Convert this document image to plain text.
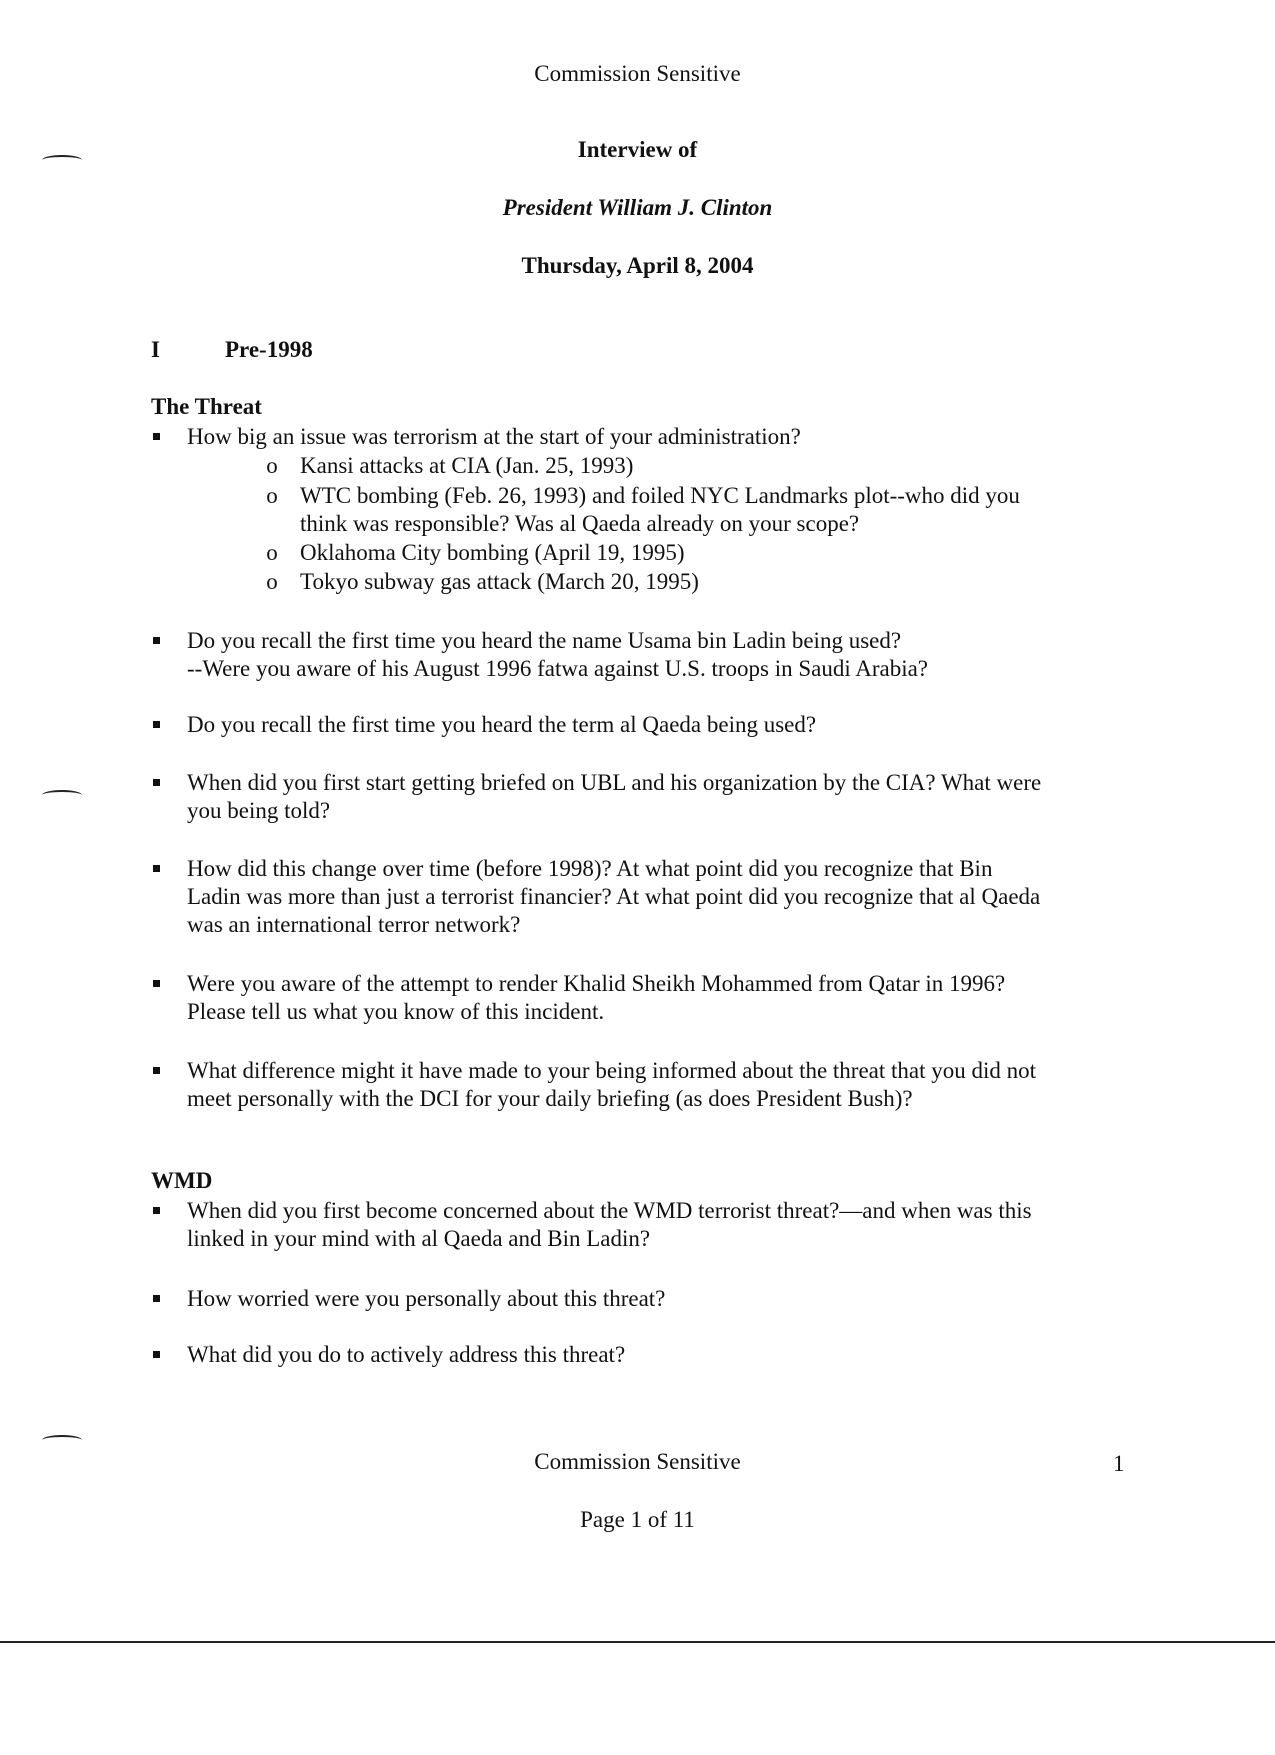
Commission Sensitive
Interview of
President William J. Clinton
Thursday, April 8, 2004
I	Pre-1998
The Threat
How big an issue was terrorism at the start of your administration?
o Kansi attacks at CIA (Jan. 25, 1993)
o WTC bombing (Feb. 26, 1993) and foiled NYC Landmarks plot--who did you
think was responsible? Was al Qaeda already on your scope?
o Oklahoma City bombing (April 19, 1995)
o Tokyo subway gas attack (March 20, 1995)
Do you recall the first time you heard the name Usama bin Ladin being used?
--Were you aware of his August 1996 fatwa against U.S. troops in Saudi Arabia?
Do you recall the first time you heard the term al Qaeda being used?
When did you first start getting briefed on UBL and his organization by the CIA? What were
you being told?
How did this change over time (before 1998)? At what point did you recognize that Bin
Ladin was more than just a terrorist financier? At what point did you recognize that al Qaeda
was an international terror network?
Were you aware of the attempt to render Khalid Sheikh Mohammed from Qatar in 1996?
Please tell us what you know of this incident.
What difference might it have made to your being informed about the threat that you did not
meet personally with the DCI for your daily briefing (as does President Bush)?
WMD
When did you first become concerned about the WMD terrorist threat?—and when was this
linked in your mind with al Qaeda and Bin Ladin?
How worried were you personally about this threat?
What did you do to actively address this threat?
Commission Sensitive	1
Page 1 of 11
